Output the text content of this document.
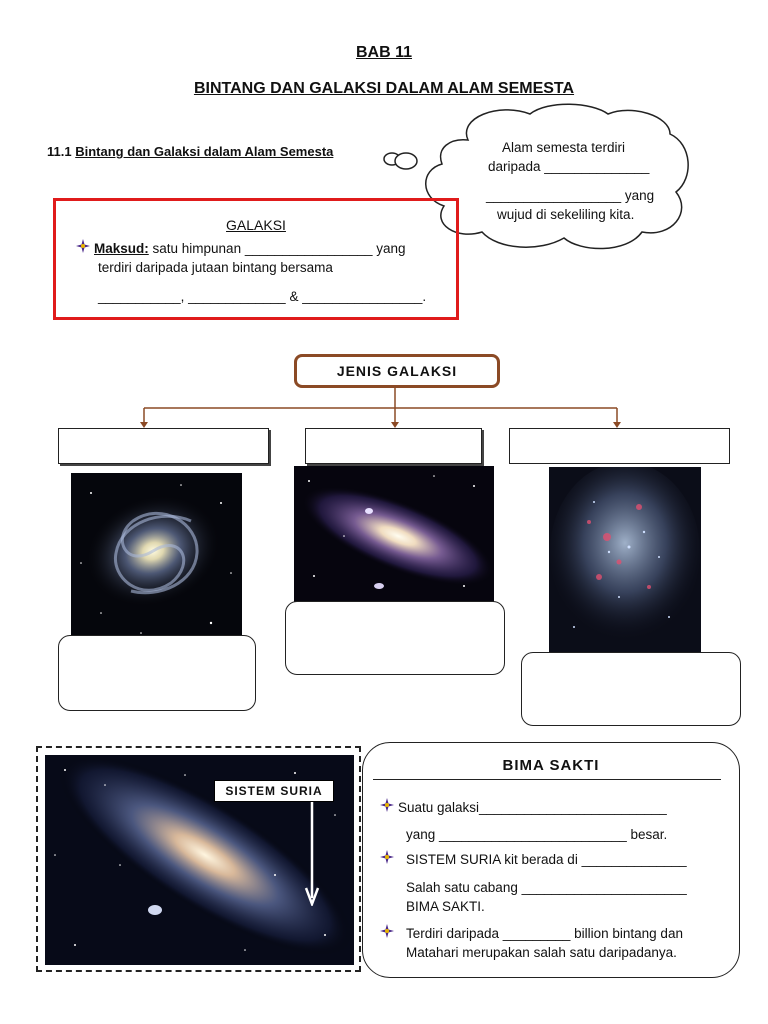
BAB 11
BINTANG DAN GALAKSI DALAM ALAM SEMESTA
11.1 Bintang dan Galaksi dalam Alam Semesta	Alam semesta terdiri
daripada ______________
__________________ yang
wujud di sekeliling kita.
GALAKSI
Maksud: satu himpunan _________________ yang
terdiri daripada jutaan bintang bersama
___________, _____________ & ________________.
JENIS GALAKSI
SISTEM SURIA
BIMA SAKTI
Suatu galaksi_________________________
yang _________________________ besar.
SISTEM SURIA kit berada di ______________
Salah satu cabang ______________________
BIMA SAKTI.
Terdiri daripada _________ billion bintang dan
Matahari merupakan salah satu daripadanya.
